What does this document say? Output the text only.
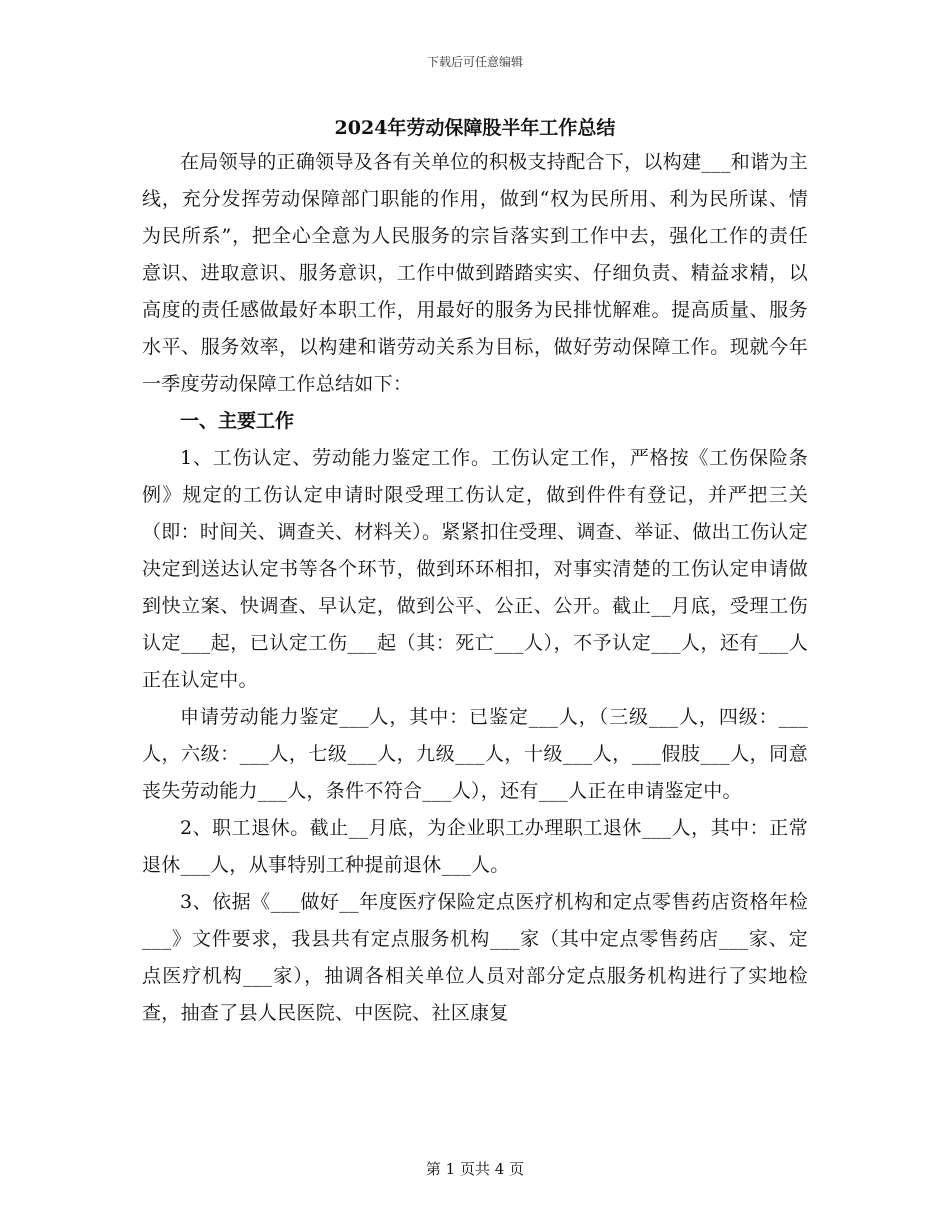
下载后可任意编辑
2024年劳动保障股半年工作总结

在局领导的正确领导及各有关单位的积极支持配合下，以构建___和谐为主线，充分发挥劳动保障部门职能的作用，做到“权为民所用、利为民所谋、情为民所系”，把全心全意为人民服务的宗旨落实到工作中去，强化工作的责任意识、进取意识、服务意识，工作中做到踏踏实实、仔细负责、精益求精，以高度的责任感做最好本职工作，用最好的服务为民排忧解难。提高质量、服务水平、服务效率，以构建和谐劳动关系为目标，做好劳动保障工作。现就今年一季度劳动保障工作总结如下：

一、主要工作

1、工伤认定、劳动能力鉴定工作。工伤认定工作，严格按《工伤保险条例》规定的工伤认定申请时限受理工伤认定，做到件件有登记，并严把三关（即：时间关、调查关、材料关）。紧紧扣住受理、调查、举证、做出工伤认定决定到送达认定书等各个环节，做到环环相扣，对事实清楚的工伤认定申请做到快立案、快调查、早认定，做到公平、公正、公开。截止__月底，受理工伤认定___起，已认定工伤___起（其：死亡___人），不予认定___人，还有___人正在认定中。

申请劳动能力鉴定___人，其中：已鉴定___人，（三级___人，四级：___人，六级：___人，七级___人，九级___人，十级___人，___假肢___人，同意丧失劳动能力___人，条件不符合___人），还有___人正在申请鉴定中。

2、职工退休。截止__月底，为企业职工办理职工退休___人，其中：正常退休___人，从事特别工种提前退休___人。

3、依据《___做好__年度医疗保险定点医疗机构和定点零售药店资格年检___》文件要求，我县共有定点服务机构___家（其中定点零售药店___家、定点医疗机构___家），抽调各相关单位人员对部分定点服务机构进行了实地检查，抽查了县人民医院、中医院、社区康复

第 1 页共 4 页
